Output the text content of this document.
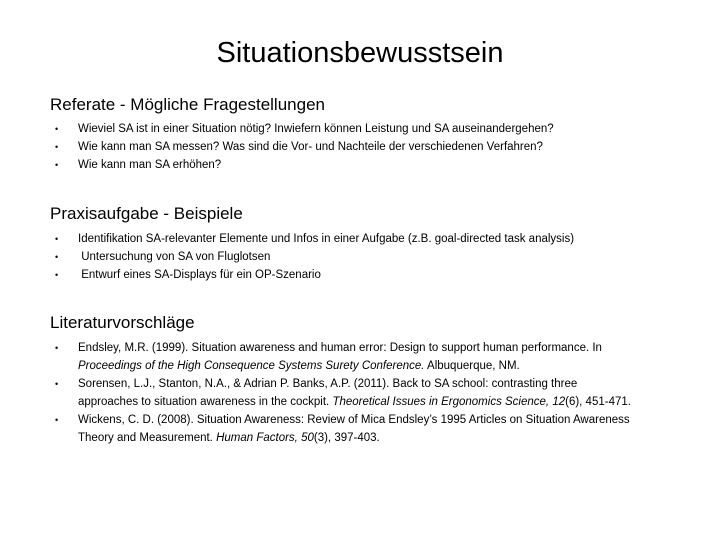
Situationsbewusstsein
Referate - Mögliche Fragestellungen
• Wieviel SA ist in einer Situation nötig? Inwiefern können Leistung und SA auseinandergehen?
• Wie kann man SA messen? Was sind die Vor- und Nachteile der verschiedenen Verfahren?
• Wie kann man SA erhöhen?
Praxisaufgabe - Beispiele
• Identifikation SA-relevanter Elemente und Infos in einer Aufgabe (z.B. goal-directed task analysis)
• Untersuchung von SA von Fluglotsen
• Entwurf eines SA-Displays für ein OP-Szenario
Literaturvorschläge
• Endsley, M.R. (1999). Situation awareness and human error: Design to support human performance. In
Proceedings of the High Consequence Systems Surety Conference. Albuquerque, NM.
• Sorensen, L.J., Stanton, N.A., & Adrian P. Banks, A.P. (2011). Back to SA school: contrasting three
approaches to situation awareness in the cockpit. Theoretical Issues in Ergonomics Science, 12(6), 451-471.
• Wickens, C. D. (2008). Situation Awareness: Review of Mica Endsley’s 1995 Articles on Situation Awareness
Theory and Measurement. Human Factors, 50(3), 397-403.
